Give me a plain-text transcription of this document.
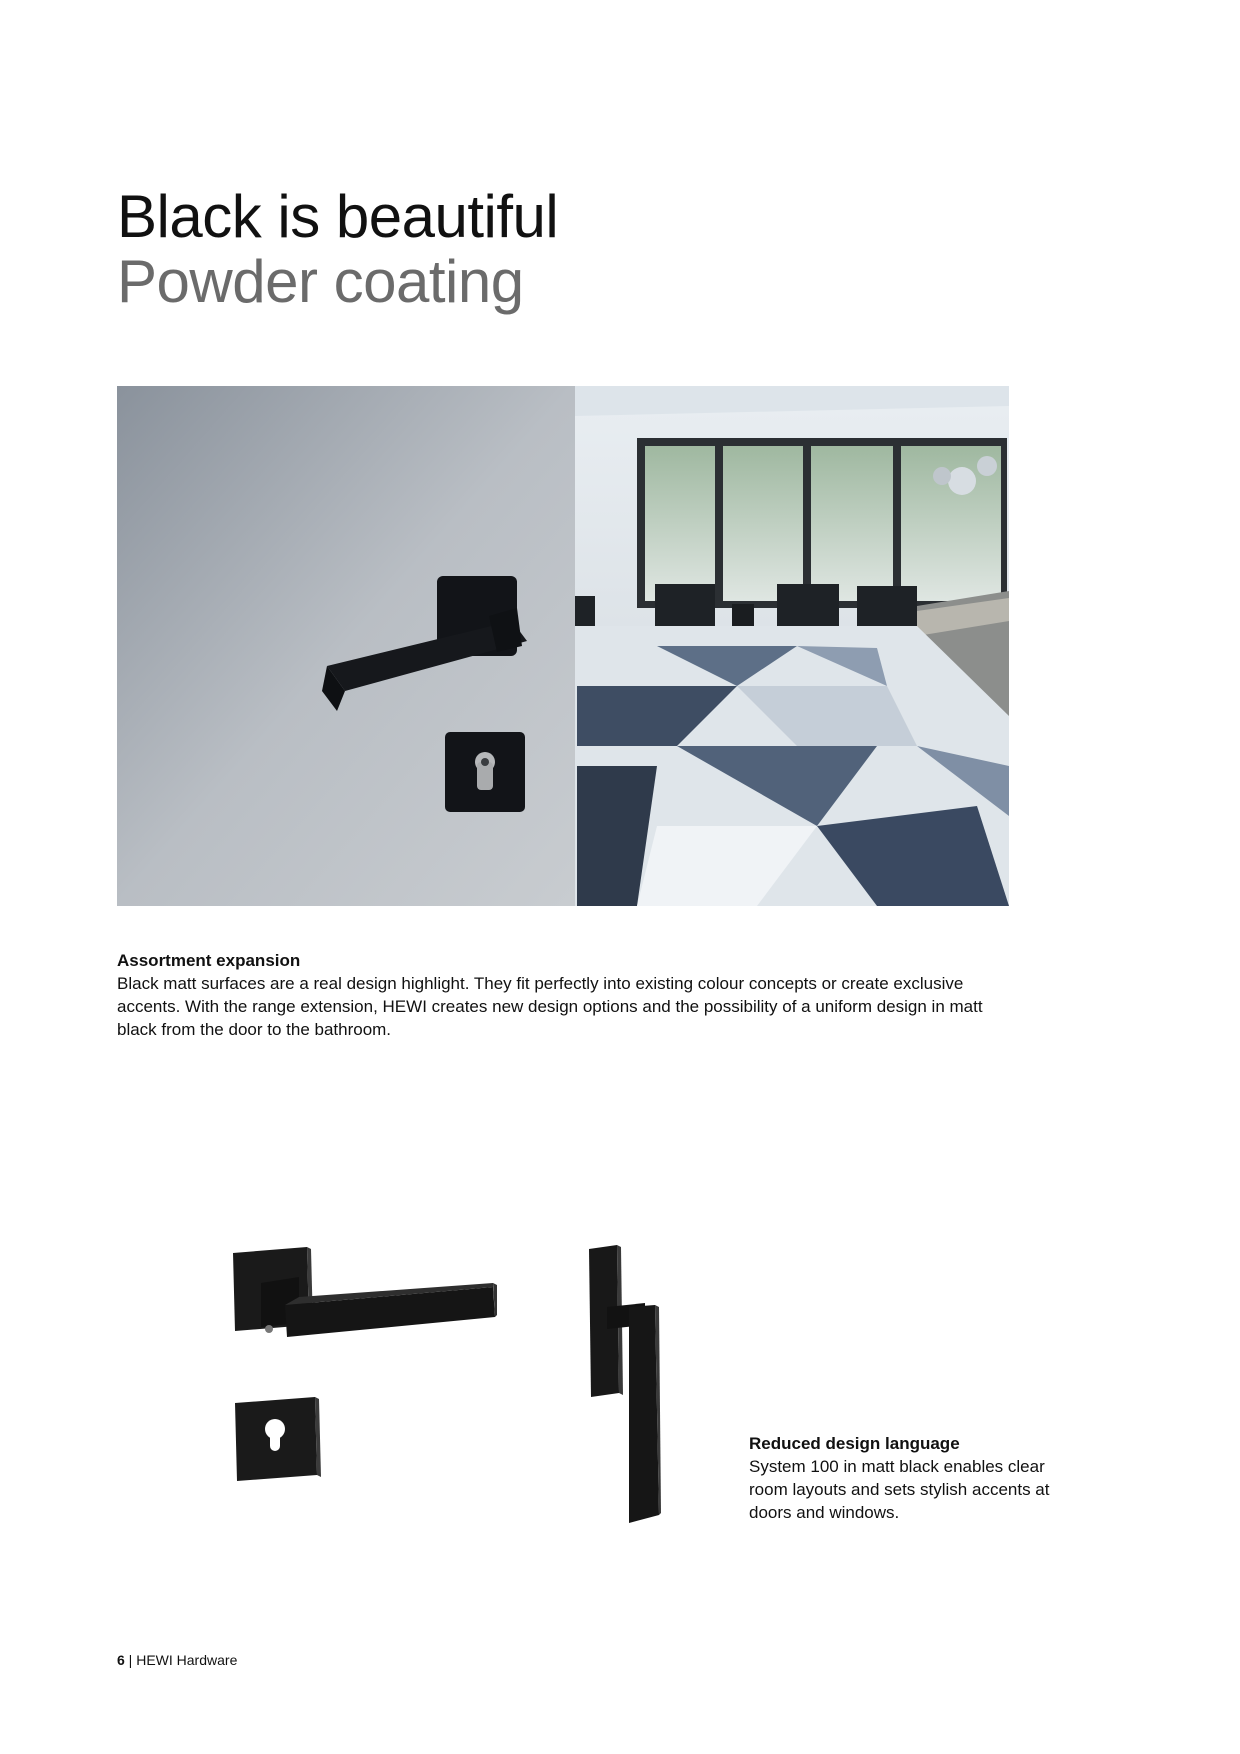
Black is beautiful
Powder coating
Assortment expansion
Black matt surfaces are a real design highlight. They fit perfectly into existing colour concepts or create exclusive accents. With the range extension, HEWI creates new design options and the possibility of a uniform design in matt black from the door to the bathroom.
Reduced design language
System 100 in matt black enables clear room layouts and sets stylish accents at doors and windows.
6 | HEWI Hardware
